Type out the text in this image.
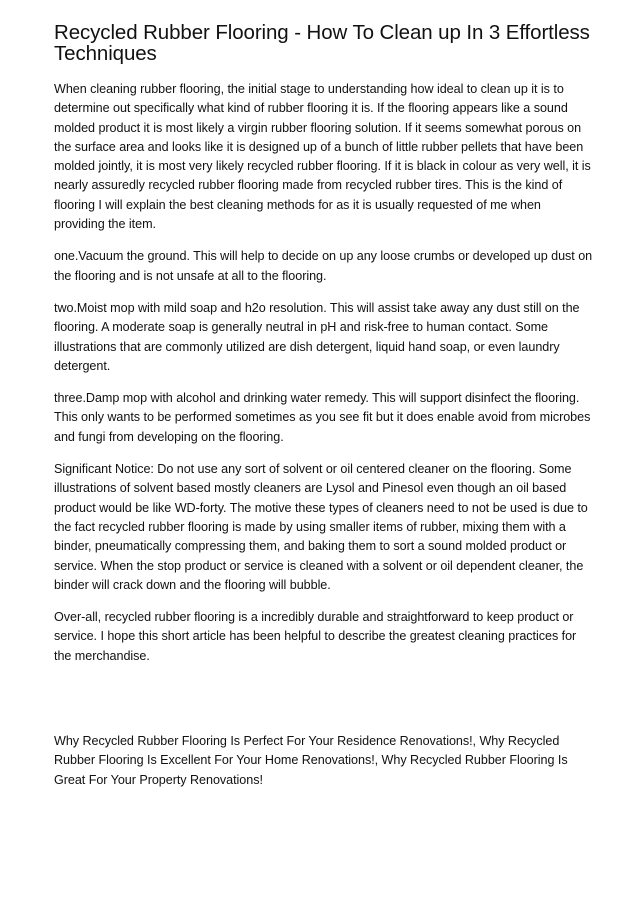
Recycled Rubber Flooring - How To Clean up In 3 Effortless Techniques

When cleaning rubber flooring, the initial stage to understanding how ideal to clean up it is to determine out specifically what kind of rubber flooring it is. If the flooring appears like a sound molded product it is most likely a virgin rubber flooring solution. If it seems somewhat porous on the surface area and looks like it is designed up of a bunch of little rubber pellets that have been molded jointly, it is most very likely recycled rubber flooring. If it is black in colour as very well, it is nearly assuredly recycled rubber flooring made from recycled rubber tires. This is the kind of flooring I will explain the best cleaning methods for as it is usually requested of me when providing the item.

one.Vacuum the ground. This will help to decide on up any loose crumbs or developed up dust on the flooring and is not unsafe at all to the flooring.

two.Moist mop with mild soap and h2o resolution. This will assist take away any dust still on the flooring. A moderate soap is generally neutral in pH and risk-free to human contact. Some illustrations that are commonly utilized are dish detergent, liquid hand soap, or even laundry detergent.

three.Damp mop with alcohol and drinking water remedy. This will support disinfect the flooring. This only wants to be performed sometimes as you see fit but it does enable avoid from microbes and fungi from developing on the flooring.

Significant Notice: Do not use any sort of solvent or oil centered cleaner on the flooring. Some illustrations of solvent based mostly cleaners are Lysol and Pinesol even though an oil based product would be like WD-forty. The motive these types of cleaners need to not be used is due to the fact recycled rubber flooring is made by using smaller items of rubber, mixing them with a binder, pneumatically compressing them, and baking them to sort a sound molded product or service. When the stop product or service is cleaned with a solvent or oil dependent cleaner, the binder will crack down and the flooring will bubble.

Over-all, recycled rubber flooring is a incredibly durable and straightforward to keep product or service. I hope this short article has been helpful to describe the greatest cleaning practices for the merchandise.

Why Recycled Rubber Flooring Is Perfect For Your Residence Renovations!, Why Recycled Rubber Flooring Is Excellent For Your Home Renovations!, Why Recycled Rubber Flooring Is Great For Your Property Renovations!
